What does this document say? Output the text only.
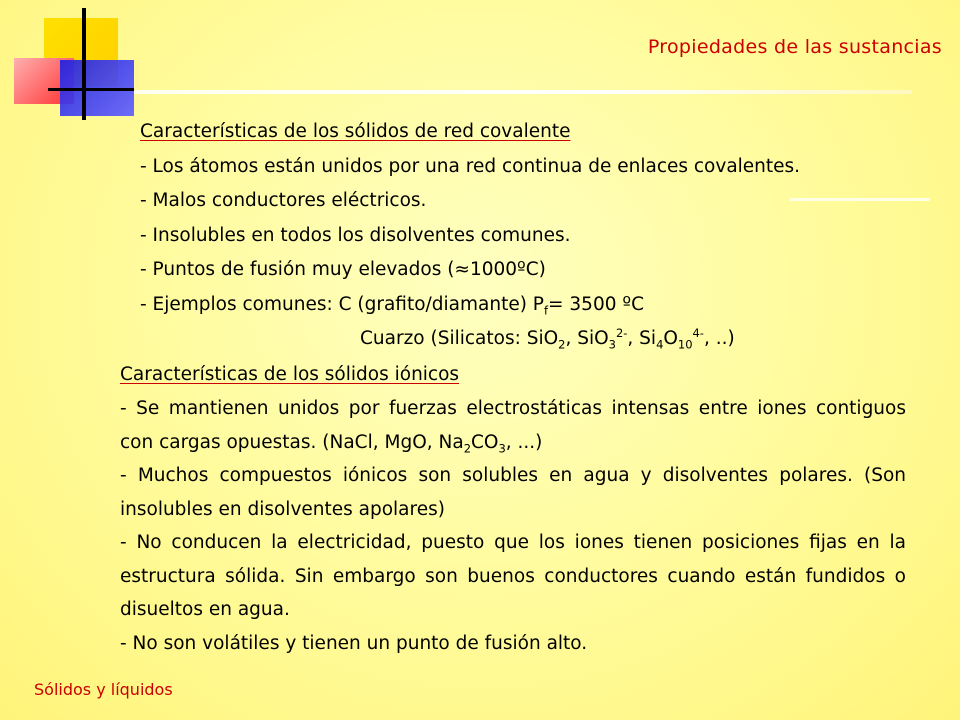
Propiedades de las sustancias
Características de los sólidos de red covalente
- Los átomos están unidos por una red continua de enlaces covalentes.
- Malos conductores eléctricos.
- Insolubles en todos los disolventes comunes.
- Puntos de fusión muy elevados (≈1000ºC)
- Ejemplos comunes: C (grafito/diamante) $P_f= 3500$ ºC
Cuarzo (Silicatos: SiO$_2$, SiO$_3^{2-}$, $Si_4O_{10}^{4-}$, ..)
Características de los sólidos iónicos

- Se mantienen unidos por fuerzas electrostáticas intensas entre iones contiguos con cargas opuestas. (NaCl, MgO, $Na_2CO_3$, ...)

- Muchos compuestos iónicos son solubles en agua y disolventes polares. (Son insolubles en disolventes apolares)

- No conducen la electricidad, puesto que los iones tienen posiciones fijas en la estructura sólida. Sin embargo son buenos conductores cuando están fundidos o disueltos en agua.

- No son volátiles y tienen un punto de fusión alto.

Sólidos y líquidos
